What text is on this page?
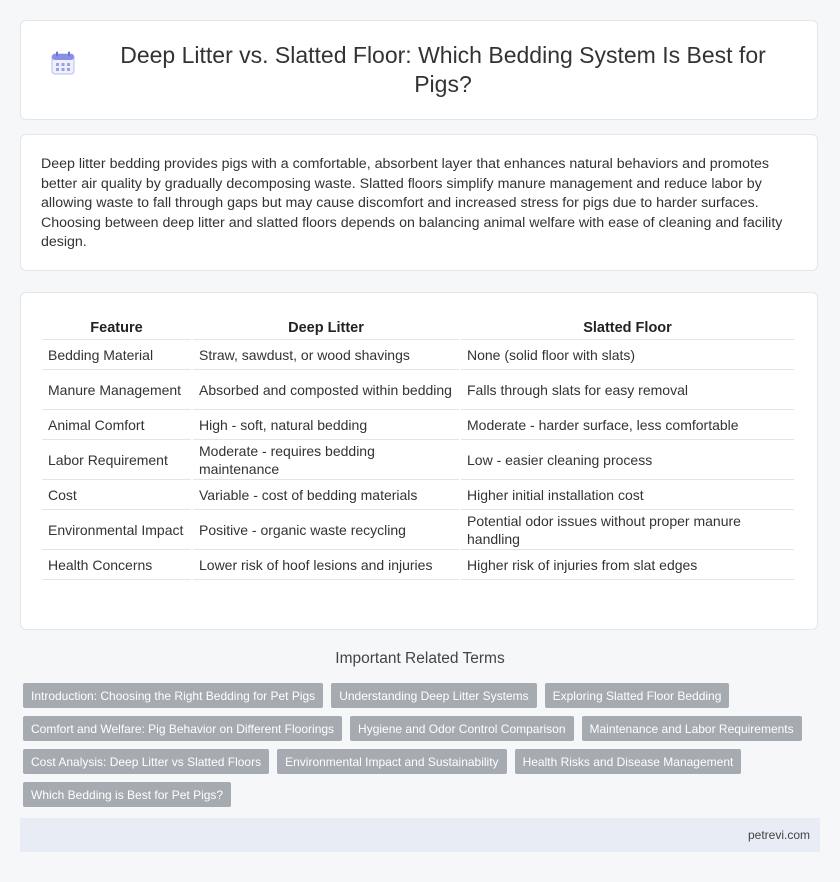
Deep Litter vs. Slatted Floor: Which Bedding System Is Best for Pigs?

Deep litter bedding provides pigs with a comfortable, absorbent layer that enhances natural behaviors and promotes better air quality by gradually decomposing waste. Slatted floors simplify manure management and reduce labor by allowing waste to fall through gaps but may cause discomfort and increased stress for pigs due to harder surfaces. Choosing between deep litter and slatted floors depends on balancing animal welfare with ease of cleaning and facility design.

Feature	Deep Litter	Slatted Floor
Bedding Material	Straw, sawdust, or wood shavings	None (solid floor with slats)
Manure Management	Absorbed and composted within bedding	Falls through slats for easy removal
Animal Comfort	High - soft, natural bedding	Moderate - harder surface, less comfortable
Labor Requirement	Moderate - requires bedding maintenance	Low - easier cleaning process
Cost	Variable - cost of bedding materials	Higher initial installation cost
Environmental Impact	Positive - organic waste recycling	Potential odor issues without proper manure handling
Health Concerns	Lower risk of hoof lesions and injuries	Higher risk of injuries from slat edges
Important Related Terms
Introduction: Choosing the Right Bedding for Pet Pigs	Understanding Deep Litter Systems	Exploring Slatted Floor Bedding
Comfort and Welfare: Pig Behavior on Different Floorings	Hygiene and Odor Control Comparison	Maintenance and Labor Requirements
Cost Analysis: Deep Litter vs Slatted Floors	Environmental Impact and Sustainability	Health Risks and Disease Management
Which Bedding is Best for Pet Pigs?
petrevi.com
